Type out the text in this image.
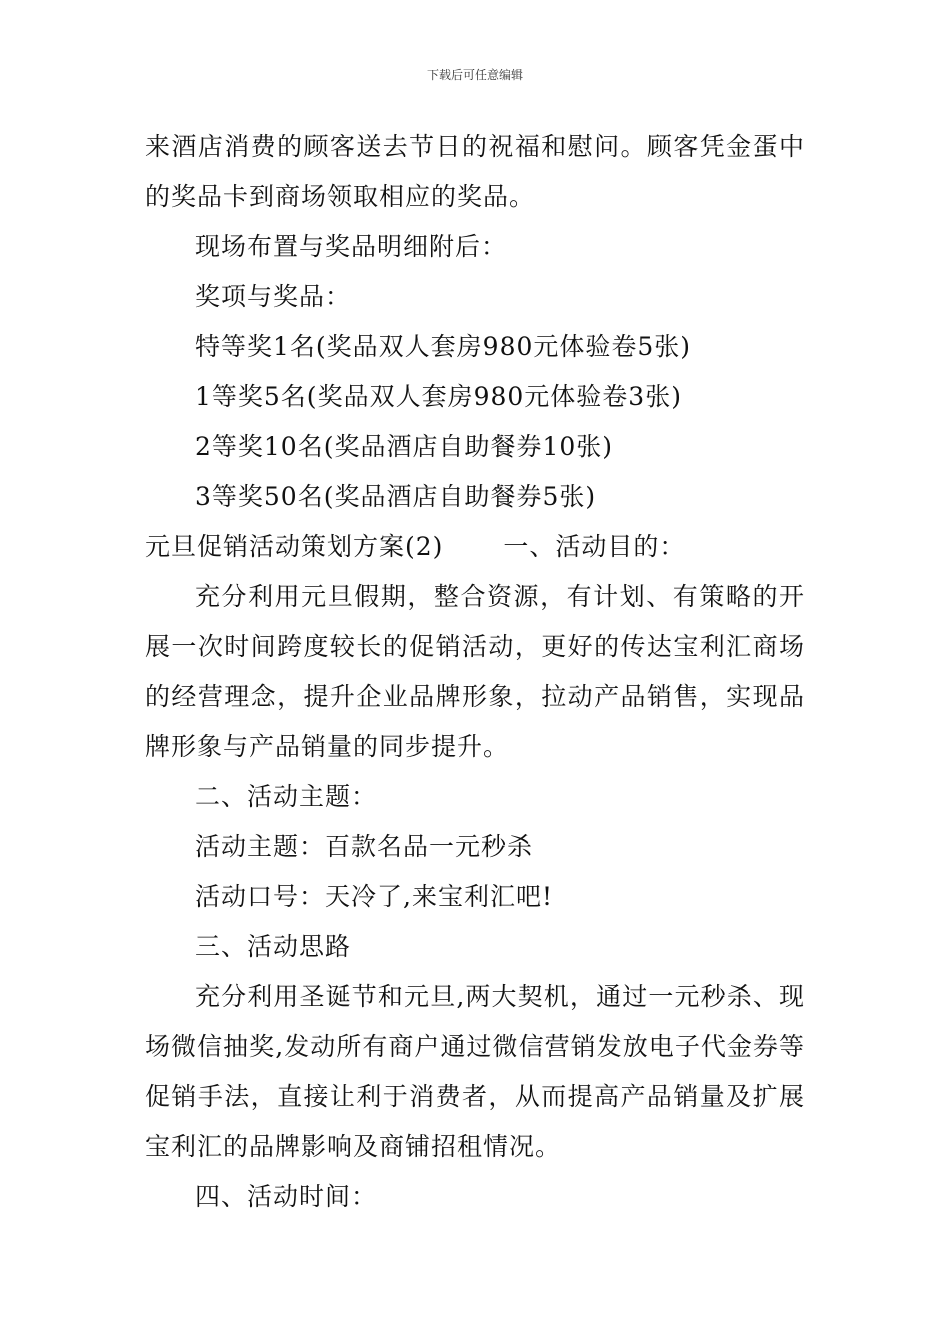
下载后可任意编辑
来酒店消费的顾客送去节日的祝福和慰问。顾客凭金蛋中
的奖品卡到商场领取相应的奖品。
现场布置与奖品明细附后：
奖项与奖品：
特等奖1名(奖品双人套房980元体验卷5张)
1等奖5名(奖品双人套房980元体验卷3张)
2等奖10名(奖品酒店自助餐券10张)
3等奖50名(奖品酒店自助餐券5张)
元旦促销活动策划方案(2) 一、活动目的：
充分利用元旦假期，整合资源，有计划、有策略的开
展一次时间跨度较长的促销活动，更好的传达宝利汇商场
的经营理念，提升企业品牌形象，拉动产品销售，实现品
牌形象与产品销量的同步提升。
二、活动主题：
活动主题：百款名品一元秒杀
活动口号：天冷了,来宝利汇吧!
三、活动思路
充分利用圣诞节和元旦,两大契机，通过一元秒杀、现
场微信抽奖,发动所有商户通过微信营销发放电子代金券等
促销手法，直接让利于消费者，从而提高产品销量及扩展
宝利汇的品牌影响及商铺招租情况。
四、活动时间：
